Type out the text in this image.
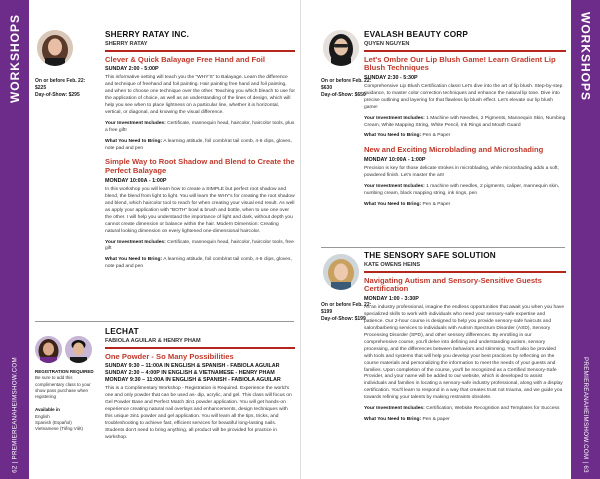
WORKSHOPS
62 | PREMIEREANAHEIMSHOW.COM
WORKSHOPS
PREMIEREANAHEIMSHOW.COM | 63
On or before Feb. 22: $225
Day-of-Show: $295
SHERRY RATAY INC.
SHERRY RATAY
Clever & Quick Balayage Free Hand and Foil
SUNDAY 2:00 - 5:00P
This informative setting will teach you the “WHY'S” to Balayage. Learn the difference and technique of freehand and foil painting. Hair painting free hand and foil painting, and when to choose one technique over the other. Teaching you which bleach to use for the application of choice, as well as an understanding of the lines of design, which will help you see when to place lightness on a particular line, whether it is horizontal, vertical, or diagonal, and knowing the visual difference.
Your Investment Includes: Certificate, mannequin head, haircolor, haircolor tools, plus a free gift!
What You Need to Bring: A learning attitude, foil comb/rat tail comb, 4-6 clips, gloves, note pad and pen
Simple Way to Root Shadow and Blend to Create the Perfect Balayage
MONDAY 10:00A - 1:00P
In this workshop you will learn how to create a SIMPLE but perfect root shadow and blend, the blend from light to light. You will learn the WHY's for creating the root shadow and blend, which haircolor tool to reach for when creating your visual end result. As well as apply your application with “BOTH” bowl & brush and bottle, when to use one over the other. I will help you understand the importance of light and dark, without depth you cannot create dimension or balance within the hair. Modern Dimension: Creating natural looking dimension on every lightened one-dimensional haircolor.
Your Investment Includes: Certificate, mannequin head, haircolor, haircolor tools, free gift
What You Need to Bring: A learning attitude, foil comb/rat tail comb, 4-6 clips, gloves, note pad and pen
REGISTRATION REQUIRED
Be sure to add this complimentary class to your show pass purchase when registering
Available in
English
Spanish (Español)
Vietnamese (Tiếng Việt)
LECHAT
FABIOLA AGUILAR & HENRY PHAM
One Powder - So Many Possibilities
SUNDAY 9:30 – 11:00A IN ENGLISH & SPANISH - FABIOLA AGUILAR
SUNDAY 2:30 – 4:00P IN ENGLISH & VIETNAMESE - HENRY PHAM
MONDAY 9:30 – 11:00A IN ENGLISH & SPANISH - FABIOLA AGUILAR
This is a Complimentary Workshop - Registration is Required. Experience the world's one and only powder that can be used as- dip, acrylic, and gel. This class will focus on Gel Powder Base and Perfect Match 3in1 powder application. You will get hands-on experience creating natural nail overlays and enhancements, design techniques with this unique 3in1 powder and gel application. You will learn all the tips, tricks, and troubleshooting to achieve fast, efficient services for beautiful long-lasting nails. Students don't need to bring anything, all product will be provided for practice in workshop.
On or before Feb. 22: $630
Day-of-Show: $650
EVALASH BEAUTY CORP
QUYEN NGUYEN
Let's Ombre Our Lip Blush Game! Learn Gradient Lip Blush Techniques
SUNDAY 2:30 - 5:30P
Comprehensive Lip Blush Certification class! Let's dive into the art of lip blush. Step-by-step guidance, to master color correction techniques and enhance the natural lip tone. Dive into precise outlining and layering for that flawless lip blush effect. Let's elevate our lip blush game!
Your Investment Includes: 1 Machine with Needles, 2 Pigments, Mannequin Skin, Numbing Cream, White Mapping String, White Pencil, Ink Rings and Mouth Guard
What You Need to Bring: Pen & Paper
New and Exciting Microblading and Microshading
MONDAY 10:00A - 1:00P
Precision is key for those delicate strokes in microblading, while microshading adds a soft, powdered finish. Let's master the art!
Your Investment Includes: 1 machine with needles, 2 pigments, caliper, mannequin skin, numbing cream, black mapping string, ink rings, pen
What You Need to Bring: Pen & Paper
On or before Feb. 22: $199
Day-of-Show: $199
THE SENSORY SAFE SOLUTION
KATE OWENS HEINS
Navigating Autism and Sensory-Sensitive Guests Certification
MONDAY 1:00 - 3:30P
As an industry professional, imagine the endless opportunities that await you when you have specialized skills to work with individuals who need your sensory-safe expertise and patience. Our 2-hour course is designed to help you provide sensory-safe haircuts and salon/barbering services to individuals with Autism Spectrum Disorder (ASD), Sensory Processing Disorder (SPD), and other sensory differences. By enrolling in our comprehensive course, you'll delve into defining and understanding autism, sensory processing, and the differences between behaviors and stimming. You'll also be provided with tools and systems that will help you develop your best practices by reflecting on the course materials and personalizing the information to meet the needs of your guests and families. Upon completion of the course, you'll be recognized as a Certified Sensory-Safe Provider, and your name will be added to our website, which is developed to assist individuals and families in locating a sensory-safe industry professional, along with a display certification. You'll learn to respond in a way that creates trust not trauma, and we guide you towards refining your talents by making restraints obsolete.
Your Investment Includes: Certification, Website Recognition and Templates for Success
What You Need to Bring: Pen & paper
